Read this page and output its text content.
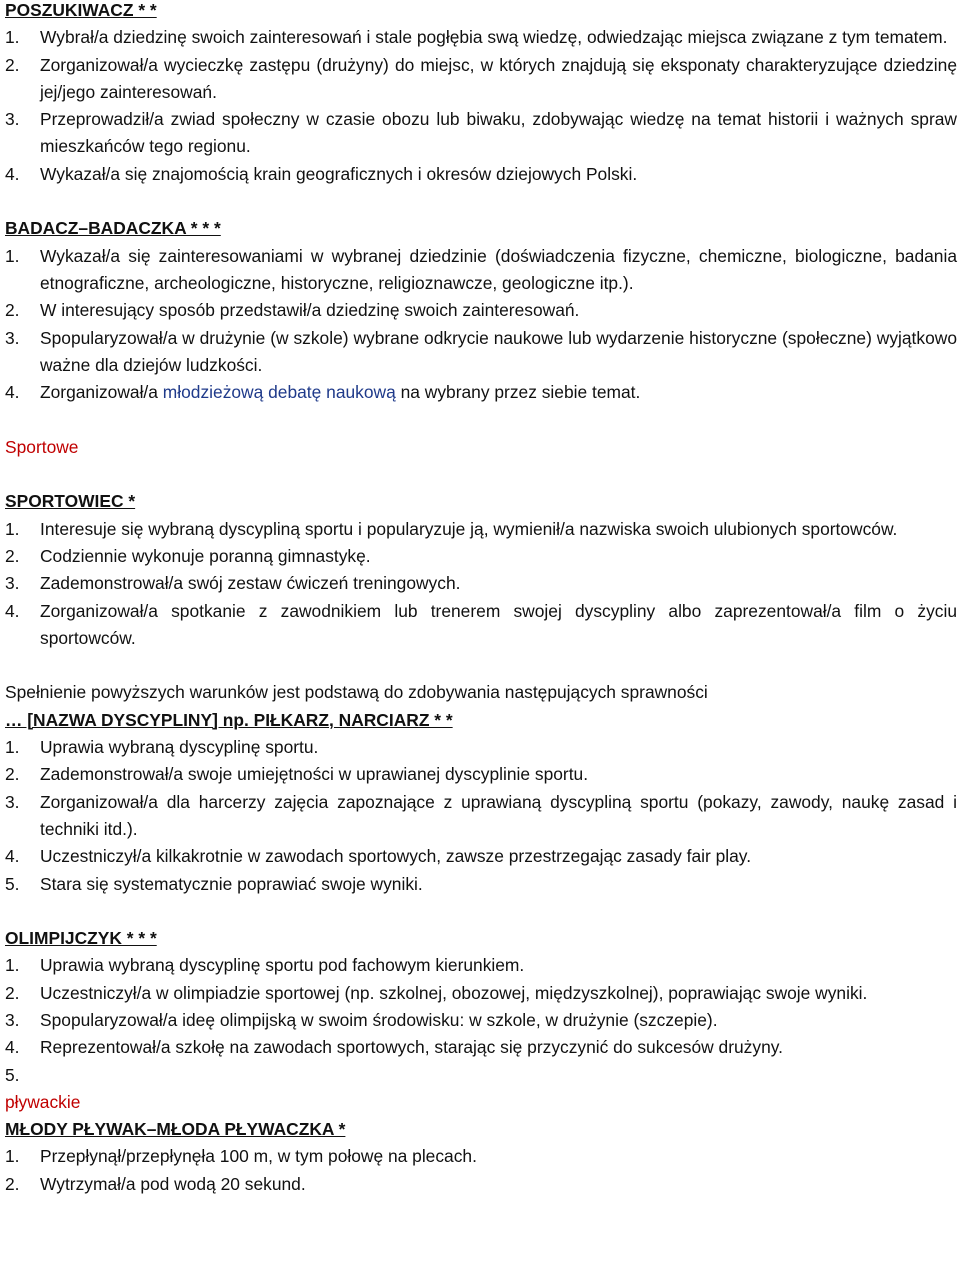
POSZUKIWACZ * *
1.	Wybrał/a dziedzinę swoich zainteresowań i stale pogłębia swą wiedzę, odwiedzając miejsca związane z tym tematem.
2.	Zorganizował/a wycieczkę zastępu (drużyny) do miejsc, w których znajdują się eksponaty charakteryzujące dziedzinę jej/jego zainteresowań.
3.	Przeprowadził/a zwiad społeczny w czasie obozu lub biwaku, zdobywając wiedzę na temat historii i ważnych spraw mieszkańców tego regionu.
4.	Wykazał/a się znajomością krain geograficznych i okresów dziejowych Polski.
BADACZ–BADACZKA * * *
1.	Wykazał/a się zainteresowaniami w wybranej dziedzinie (doświadczenia fizyczne, chemiczne, biologiczne, badania etnograficzne, archeologiczne, historyczne, religioznawcze, geologiczne itp.).
2.	W interesujący sposób przedstawił/a dziedzinę swoich zainteresowań.
3.	Spopularyzował/a w drużynie (w szkole) wybrane odkrycie naukowe lub wydarzenie historyczne (społeczne) wyjątkowo ważne dla dziejów ludzkości.
4.	Zorganizował/a młodzieżową debatę naukową na wybrany przez siebie temat.
Sportowe
SPORTOWIEC *
1.	Interesuje się wybraną dyscypliną sportu i popularyzuje ją, wymienił/a nazwiska swoich ulubionych sportowców.
2.	Codziennie wykonuje poranną gimnastykę.
3.	Zademonstrował/a swój zestaw ćwiczeń treningowych.
4.	Zorganizował/a spotkanie z zawodnikiem lub trenerem swojej dyscypliny albo zaprezentował/a film o życiu sportowców.
Spełnienie powyższych warunków jest podstawą do zdobywania następujących sprawności
… [NAZWA DYSCYPLINY] np. PIŁKARZ, NARCIARZ * *
1.	Uprawia wybraną dyscyplinę sportu.
2.	Zademonstrował/a swoje umiejętności w uprawianej dyscyplinie sportu.
3.	Zorganizował/a dla harcerzy zajęcia zapoznające z uprawianą dyscypliną sportu (pokazy, zawody, naukę zasad i techniki itd.).
4.	Uczestniczył/a kilkakrotnie w zawodach sportowych, zawsze przestrzegając zasady fair play.
5.	Stara się systematycznie poprawiać swoje wyniki.
OLIMPIJCZYK * * *
1.	Uprawia wybraną dyscyplinę sportu pod fachowym kierunkiem.
2.	Uczestniczył/a w olimpiadzie sportowej (np. szkolnej, obozowej, międzyszkolnej), poprawiając swoje wyniki.
3.	Spopularyzował/a ideę olimpijską w swoim środowisku: w szkole, w drużynie (szczepie).
4.	Reprezentował/a szkołę na zawodach sportowych, starając się przyczynić do sukcesów drużyny.
5.
pływackie
MŁODY PŁYWAK–MŁODA PŁYWACZKA *
1.	Przepłynął/przepłynęła 100 m, w tym połowę na plecach.
2.	Wytrzymał/a pod wodą 20 sekund.
